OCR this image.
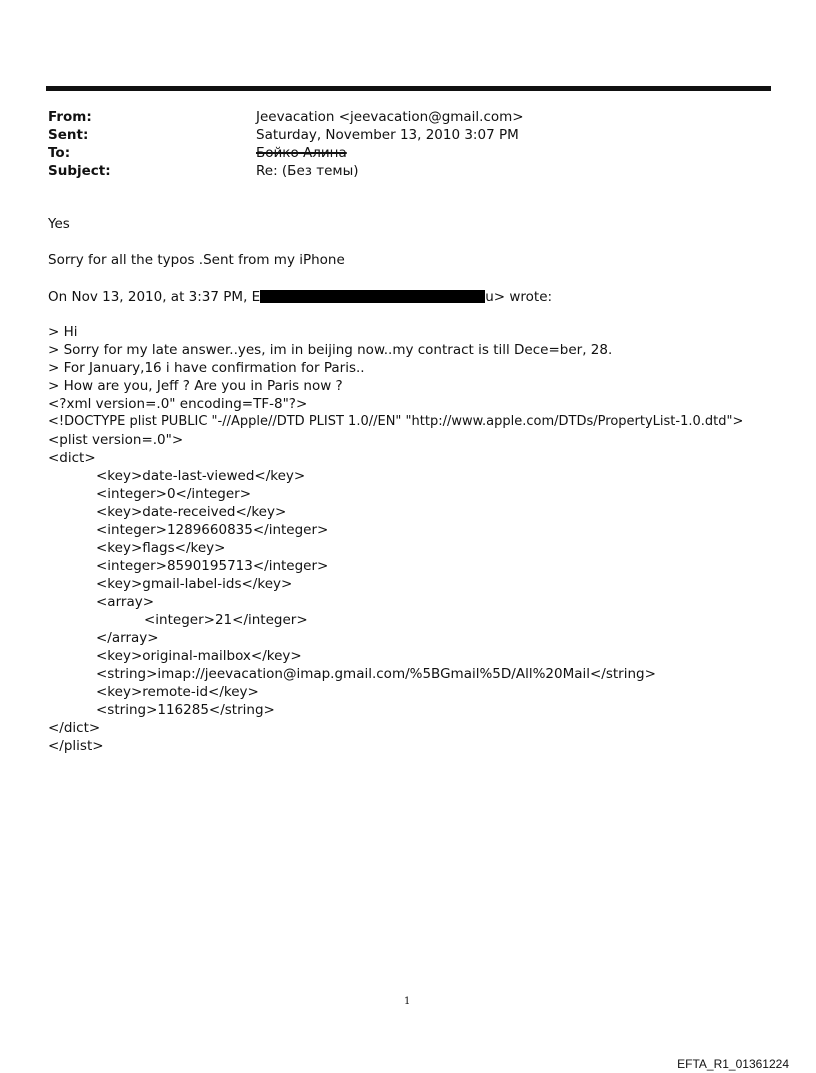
From:	Jeevacation <jeevacation@gmail.com>
Sent:	Saturday, November 13, 2010 3:07 PM
To:	Бойко Алина
Subject:	Re: (Без темы)
Yes
Sorry for all the typos .Sent from my iPhone
On Nov 13, 2010, at 3:37 PM, E	u> wrote:
> Hi
> Sorry for my late answer..yes, im in beijing now..my contract is till Dece=ber, 28.
> For January,16 i have confirmation for Paris..
> How are you, Jeff ? Are you in Paris now ?
<?xml version=.0" encoding=TF-8"?>
<!DOCTYPE plist PUBLIC "-//Apple//DTD PLIST 1.0//EN" "http://www.apple.com/DTDs/PropertyList-1.0.dtd">
<plist version=.0">
<dict>
<key>date-last-viewed</key>
<integer>0</integer>
<key>date-received</key>
<integer>1289660835</integer>
<key>flags</key>
<integer>8590195713</integer>
<key>gmail-label-ids</key>
<array>
<integer>21</integer>
</array>
<key>original-mailbox</key>
<string>imap://jeevacation@imap.gmail.com/%5BGmail%5D/All%20Mail</string>
<key>remote-id</key>
<string>116285</string>
</dict>
</plist>
1
EFTA_R1_01361224
